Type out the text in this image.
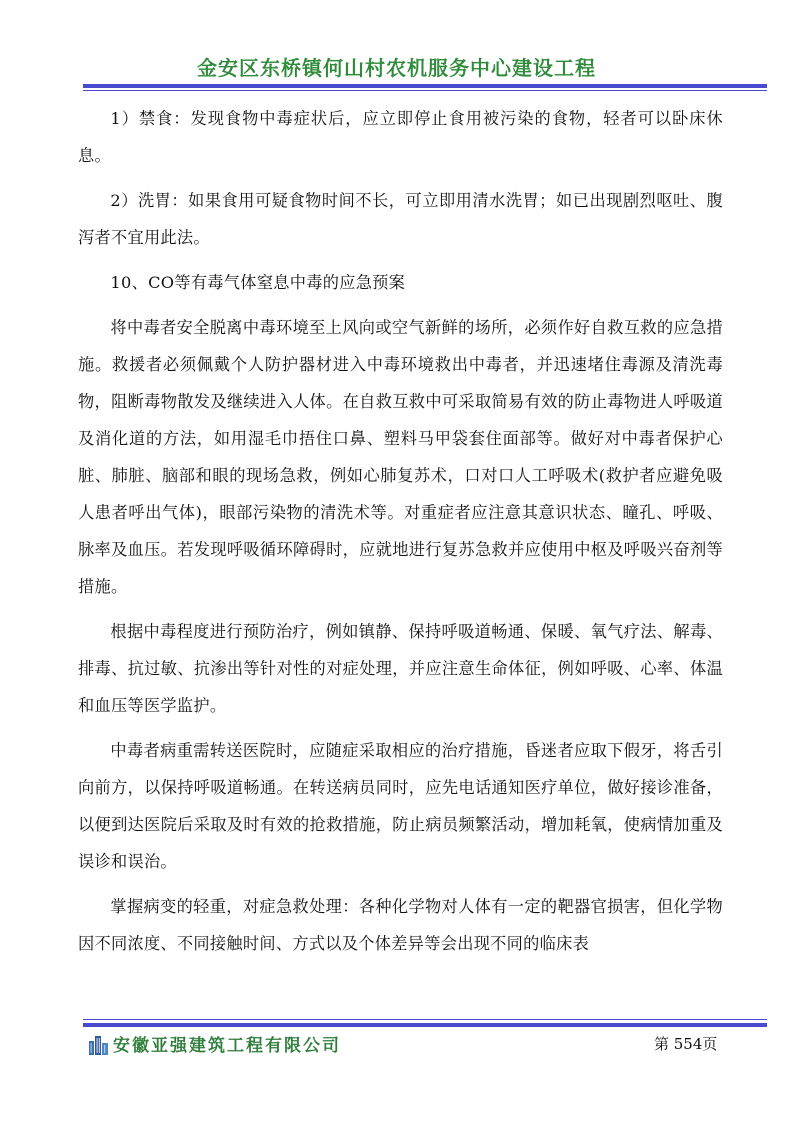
金安区东桥镇何山村农机服务中心建设工程

1）禁食：发现食物中毒症状后，应立即停止食用被污染的食物，轻者可以卧床休息。

2）洗胃：如果食用可疑食物时间不长，可立即用清水洗胃；如已出现剧烈呕吐、腹泻者不宜用此法。

10、CO等有毒气体窒息中毒的应急预案

将中毒者安全脱离中毒环境至上风向或空气新鲜的场所，必须作好自救互救的应急措施。救援者必须佩戴个人防护器材进入中毒环境救出中毒者，并迅速堵住毒源及清洗毒物，阻断毒物散发及继续进入人体。在自救互救中可采取简易有效的防止毒物进人呼吸道及消化道的方法，如用湿毛巾捂住口鼻、塑料马甲袋套住面部等。做好对中毒者保护心脏、肺脏、脑部和眼的现场急救，例如心肺复苏术，口对口人工呼吸术(救护者应避免吸人患者呼出气体)，眼部污染物的清洗术等。对重症者应注意其意识状态、瞳孔、呼吸、脉率及血压。若发现呼吸循环障碍时，应就地进行复苏急救并应使用中枢及呼吸兴奋剂等措施。

根据中毒程度进行预防治疗，例如镇静、保持呼吸道畅通、保暖、氧气疗法、解毒、排毒、抗过敏、抗渗出等针对性的对症处理，并应注意生命体征，例如呼吸、心率、体温和血压等医学监护。

中毒者病重需转送医院时，应随症采取相应的治疗措施，昏迷者应取下假牙，将舌引向前方，以保持呼吸道畅通。在转送病员同时，应先电话通知医疗单位，做好接诊准备，以便到达医院后采取及时有效的抢救措施，防止病员频繁活动，增加耗氧，使病情加重及误诊和误治。

掌握病变的轻重，对症急救处理：各种化学物对人体有一定的靶器官损害，但化学物因不同浓度、不同接触时间、方式以及个体差异等会出现不同的临床表

安徽亚强建筑工程有限公司	第 554页
